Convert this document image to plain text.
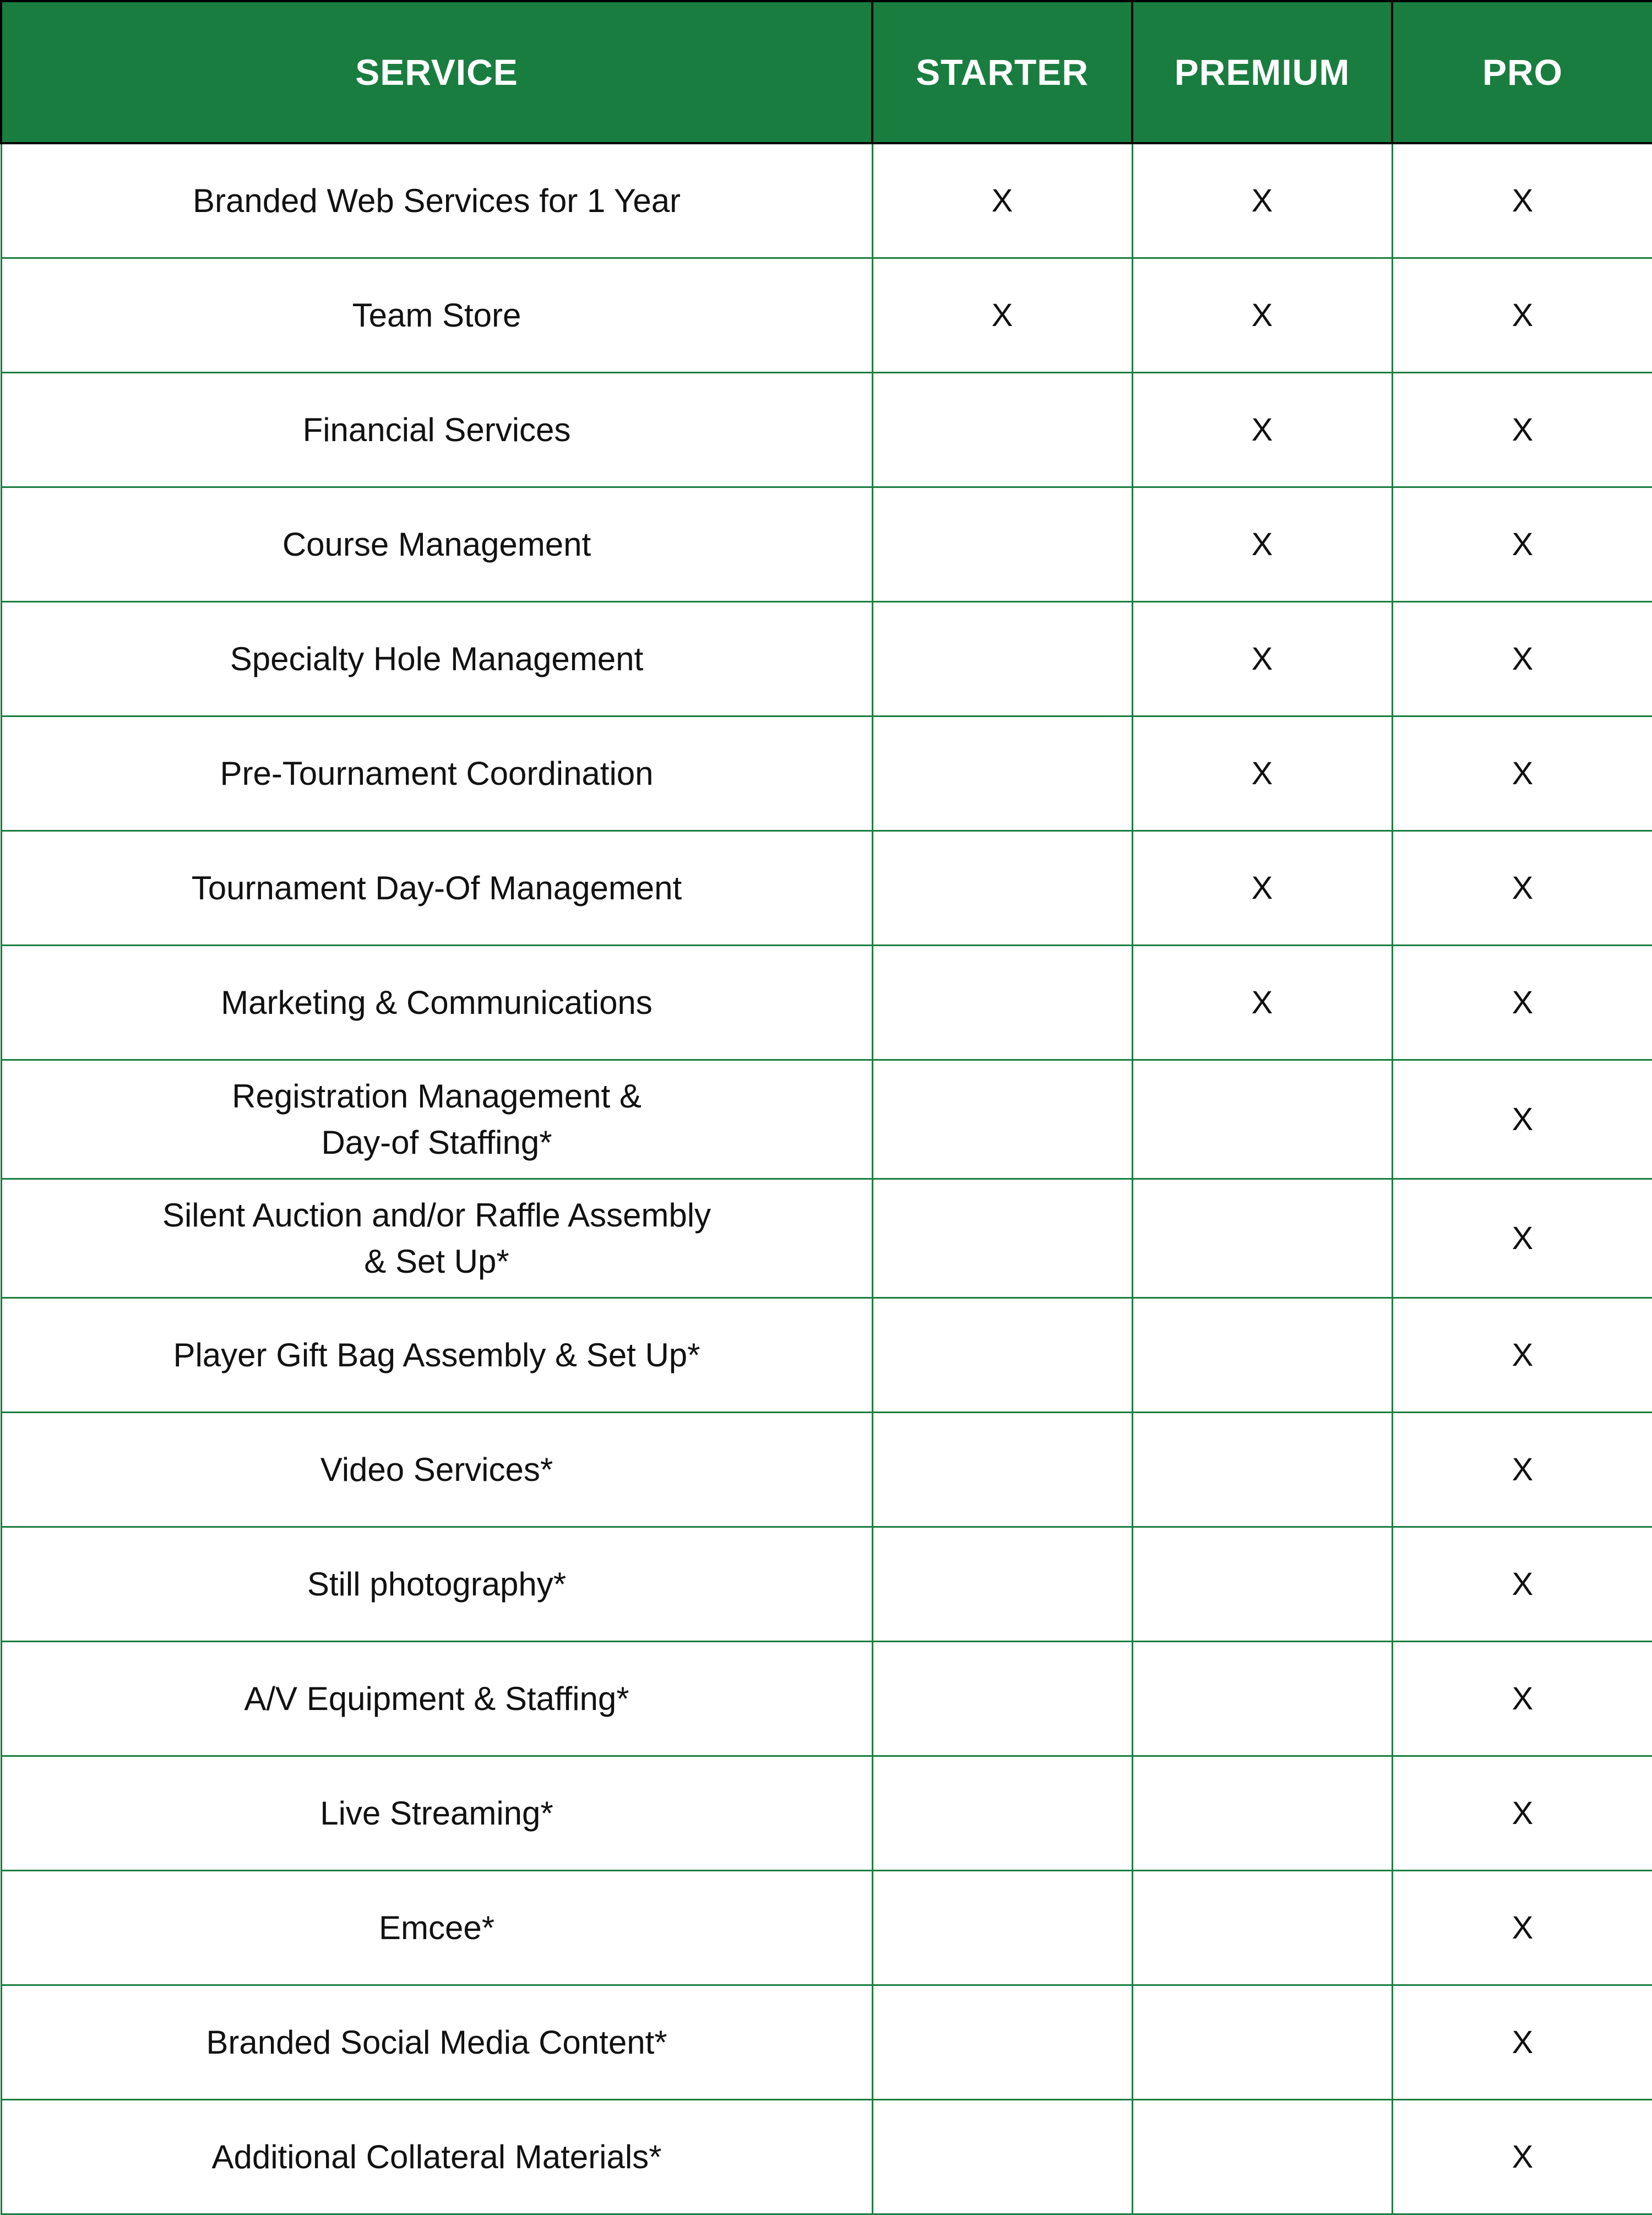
SERVICE	STARTER	PREMIUM	PRO
Branded Web Services for 1 Year	X	X	X
Team Store	X	X	X
Financial Services		X	X
Course Management		X	X
Specialty Hole Management		X	X
Pre-Tournament Coordination		X	X
Tournament Day-Of Management		X	X
Marketing & Communications		X	X
Registration Management &
Day-of Staffing*			X
Silent Auction and/or Raffle Assembly
& Set Up*			X
Player Gift Bag Assembly & Set Up*			X
Video Services*			X
Still photography*			X
A/V Equipment & Staffing*			X
Live Streaming*			X
Emcee*			X
Branded Social Media Content*			X
Additional Collateral Materials*			X
